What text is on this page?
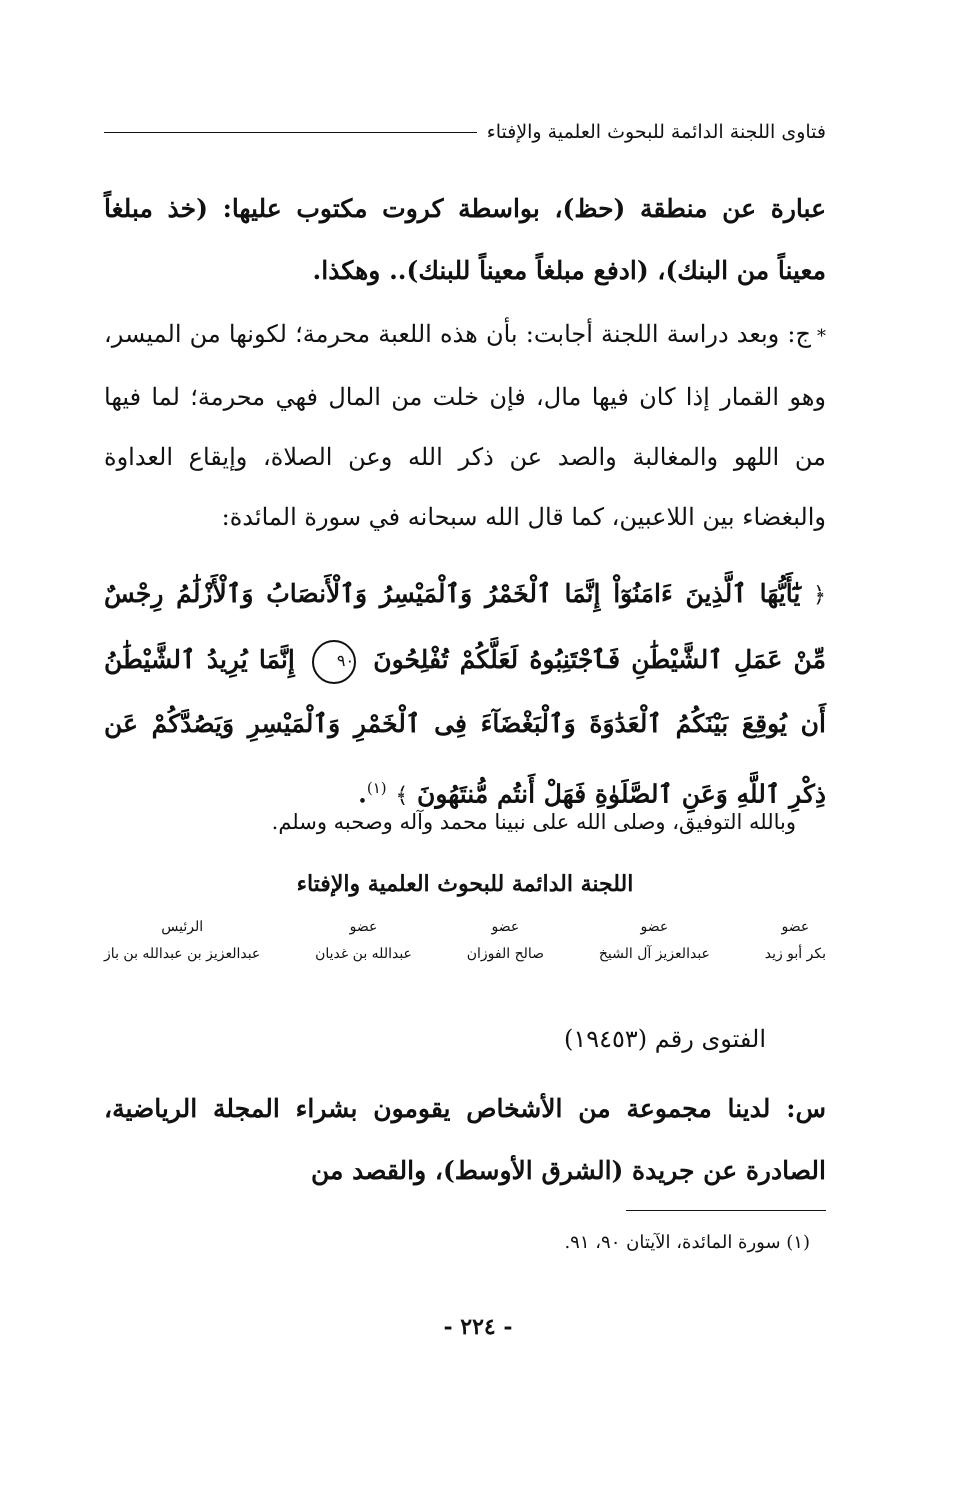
فتاوى اللجنة الدائمة للبحوث العلمية والإفتاء
عبارة عن منطقة (حظ)، بواسطة كروت مكتوب عليها: (خذ مبلغاً معيناً من البنك)، (ادفع مبلغاً معيناً للبنك).. وهكذا.
*ج: وبعد دراسة اللجنة أجابت: بأن هذه اللعبة محرمة؛ لكونها من الميسر، وهو القمار إذا كان فيها مال، فإن خلت من المال فهي محرمة؛ لما فيها من اللهو والمغالبة والصد عن ذكر الله وعن الصلاة، وإيقاع العداوة والبغضاء بين اللاعبين، كما قال الله سبحانه في سورة المائدة:
﴿ يَٰٓأَيُّهَا ٱلَّذِينَ ءَامَنُوٓاْ إِنَّمَا ٱلْخَمْرُ وَٱلْمَيْسِرُ وَٱلْأَنصَابُ وَٱلْأَزْلَٰمُ رِجْسٌ مِّنْ عَمَلِ ٱلشَّيْطَٰنِ فَٱجْتَنِبُوهُ لَعَلَّكُمْ تُفْلِحُونَ ٩٠ إِنَّمَا يُرِيدُ ٱلشَّيْطَٰنُ أَن يُوقِعَ بَيْنَكُمُ ٱلْعَدَٰوَةَ وَٱلْبَغْضَآءَ فِى ٱلْخَمْرِ وَٱلْمَيْسِرِ وَيَصُدَّكُمْ عَن ذِكْرِ ٱللَّهِ وَعَنِ ٱلصَّلَوٰةِ فَهَلْ أَنتُم مُّنتَهُونَ ﴾ $^{(١)}$.
وبالله التوفيق، وصلى الله على نبينا محمد وآله وصحبه وسلم.
اللجنة الدائمة للبحوث العلمية والإفتاء
عضو
بكر أبو زيد
عضو
عبدالعزيز آل الشيخ
عضو
صالح الفوزان
عضو
عبدالله بن غديان
الرئيس
عبدالعزيز بن عبدالله بن باز
الفتوى رقم (١٩٤٥٣)
س: لدينا مجموعة من الأشخاص يقومون بشراء المجلة الرياضية، الصادرة عن جريدة (الشرق الأوسط)، والقصد من
(١) سورة المائدة، الآيتان ٩٠، ٩١.
- ٢٢٤ -
